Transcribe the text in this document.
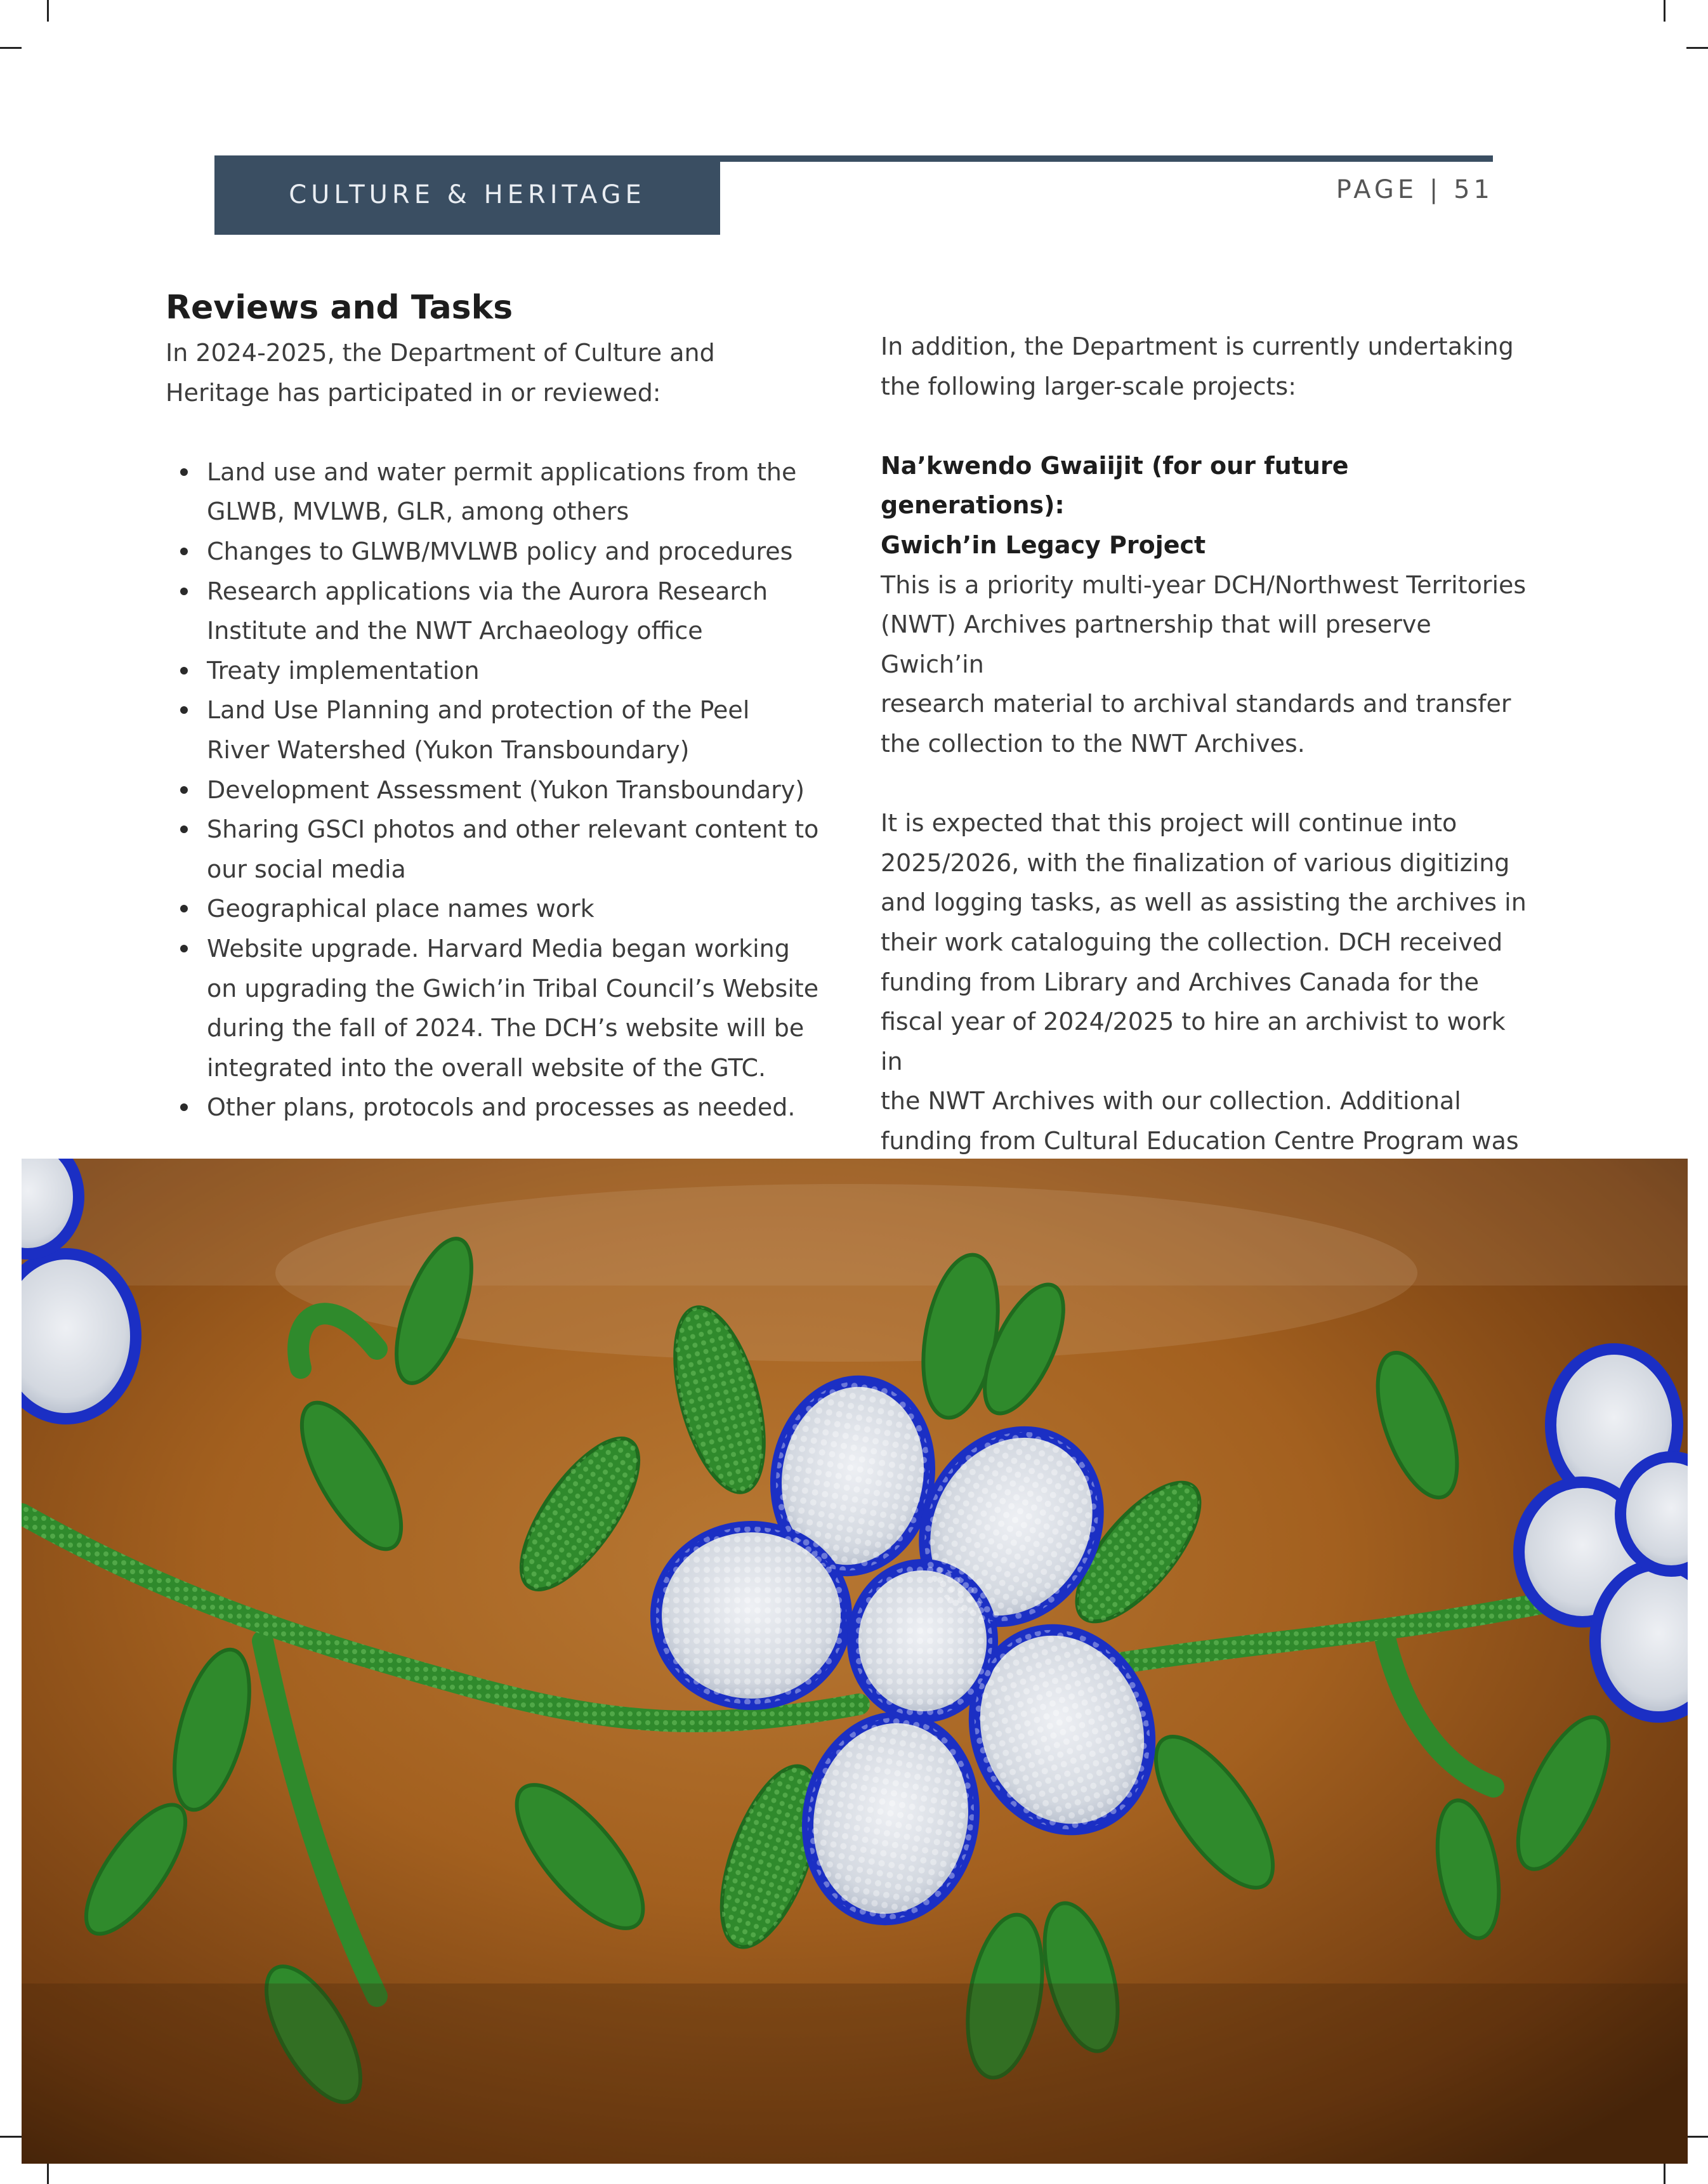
CULTURE & HERITAGE	PAGE | 51
Reviews and Tasks

In 2024-2025, the Department of Culture and
Heritage has participated in or reviewed:

Land use and water permit applications from the
GLWB, MVLWB, GLR, among others
Changes to GLWB/MVLWB policy and procedures
Research applications via the Aurora Research
Institute and the NWT Archaeology office
Treaty implementation
Land Use Planning and protection of the Peel
River Watershed (Yukon Transboundary)
Development Assessment (Yukon Transboundary)
Sharing GSCI photos and other relevant content to
our social media
Geographical place names work
Website upgrade. Harvard Media began working
on upgrading the Gwich’in Tribal Council’s Website
during the fall of 2024. The DCH’s website will be
integrated into the overall website of the GTC.
Other plans, protocols and processes as needed.

In addition, the Department is currently undertaking
the following larger-scale projects:

Na’kwendo Gwaiijit (for our future generations):
Gwich’in Legacy Project

This is a priority multi-year DCH/Northwest Territories
(NWT) Archives partnership that will preserve Gwich’in
research material to archival standards and transfer
the collection to the NWT Archives.

It is expected that this project will continue into
2025/2026, with the finalization of various digitizing
and logging tasks, as well as assisting the archives in
their work cataloguing the collection. DCH received
funding from Library and Archives Canada for the
fiscal year of 2024/2025 to hire an archivist to work in
the NWT Archives with our collection. Additional
funding from Cultural Education Centre Program was
